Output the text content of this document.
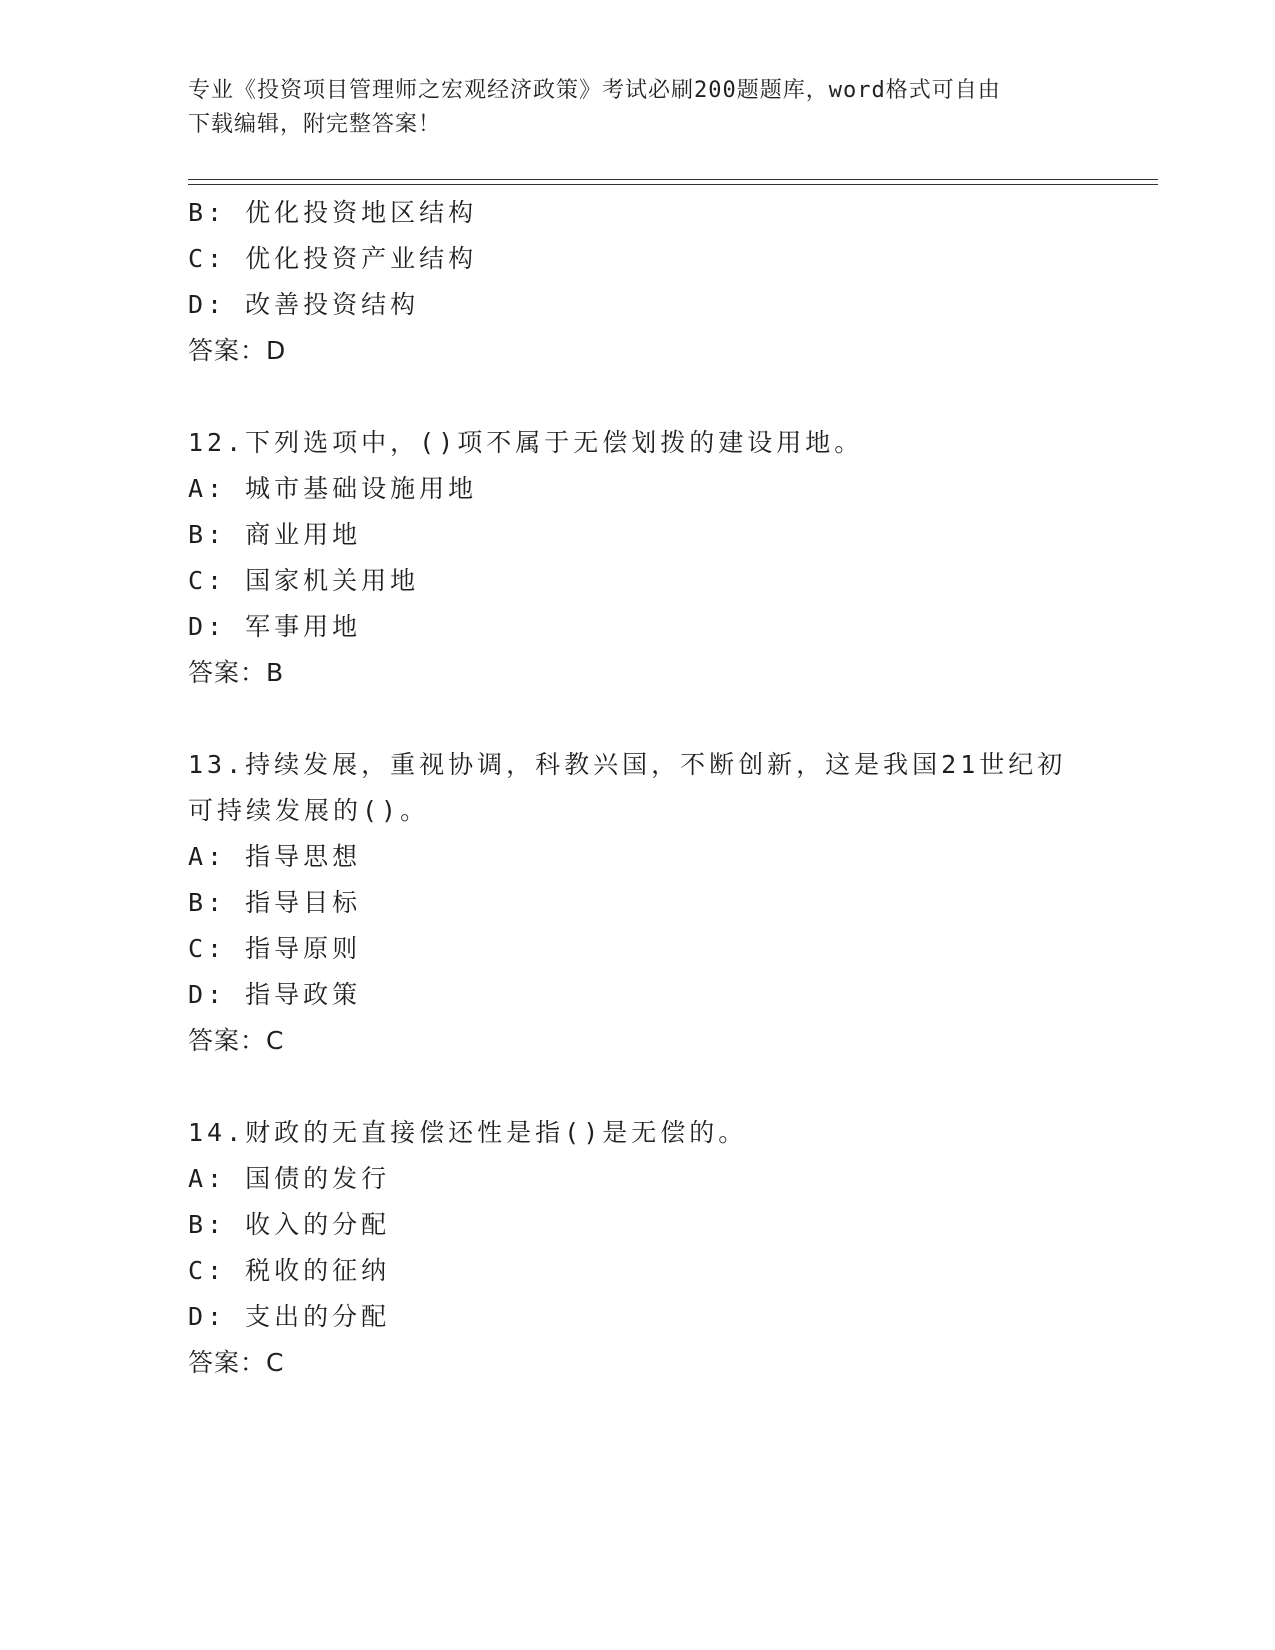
专业《投资项目管理师之宏观经济政策》考试必刷200题题库，word格式可自由
下载编辑，附完整答案！
B: 优化投资地区结构
C: 优化投资产业结构
D: 改善投资结构
答案：D
12.下列选项中，()项不属于无偿划拨的建设用地。
A: 城市基础设施用地
B: 商业用地
C: 国家机关用地
D: 军事用地
答案：B
13.持续发展，重视协调，科教兴国，不断创新，这是我国21世纪初
可持续发展的()。
A: 指导思想
B: 指导目标
C: 指导原则
D: 指导政策
答案：C
14.财政的无直接偿还性是指()是无偿的。
A: 国债的发行
B: 收入的分配
C: 税收的征纳
D: 支出的分配
答案：C
